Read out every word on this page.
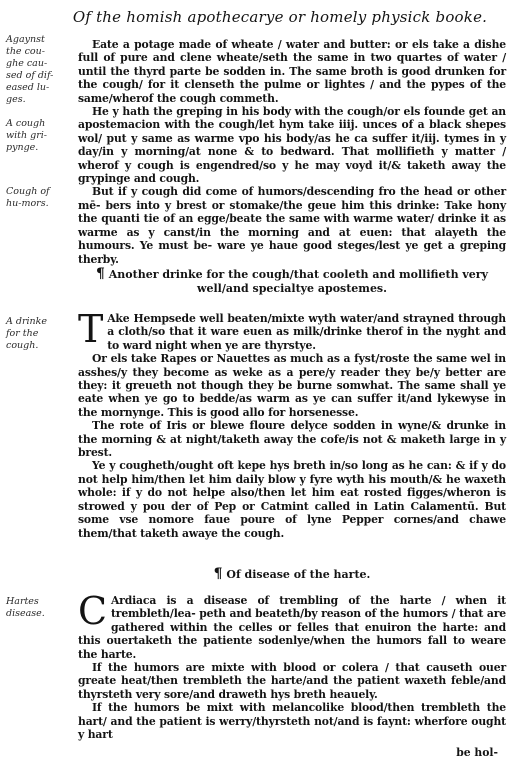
Of the homish apothecarye or homely physick booke.
Agaynst the cou-ghe cau-sed of dif-eased lu-ges.
A cough with gri-pynge.
Cough of hu-mors.
A drinke for the cough.
Hartes disease.

Eate a potage made of wheate / water and butter: or els take a dishe full of pure and clene wheate/seth the same in two quartes of water / until the thyrd parte be sodden in. The same broth is good drunken for the cough/ for it clenseth the pulme or lightes / and the pypes of the same/wherof the cough commeth.

He y hath the greping in his body with the cough/or els founde get an apostemacion with the cough/let hym take iiij. unces of a black shepes wol/ put y same as warme vpo his body/as he ca suffer it/iij. tymes in y day/in y morning/at none & to bedward. That mollifieth y matter / wherof y cough is engendred/so y he may voyd it/& taketh away the grypinge and cough.

But if y cough did come of humors/descending fro the head or other mē- bers into y brest or stomake/the geue him this drinke: Take hony the quanti tie of an egge/beate the same with warme water/ drinke it as warme as y canst/in the morning and at euen: that alayeth the humours. Ye must be- ware ye haue good steges/lest ye get a greping therby.

¶ Another drinke for the cough/that cooleth and mollifieth very well/and specialtye apostemes.

T Ake Hempsede well beaten/mixte wyth water/and strayned through a cloth/so that it ware euen as milk/drinke therof in the nyght and to ward night when ye are thyrstye.

Or els take Rapes or Nauettes as much as a fyst/roste the same wel in asshes/y they become as weke as a pere/y reader they be/y better are they: it greueth not though they be burne somwhat. The same shall ye eate when ye go to bedde/as warm as ye can suffer it/and lykewyse in the mornynge. This is good allo for horsenesse.

The rote of Iris or blewe floure delyce sodden in wyne/& drunke in the morning & at night/taketh away the cofe/is not & maketh large in y brest.

Ye y cougheth/ought oft kepe hys breth in/so long as he can: & if y do not help him/then let him daily blow y fyre wyth his mouth/& he waxeth whole: if y do not helpe also/then let him eat rosted figges/wheron is strowed y pou der of Pep or Catmint called in Latin Calamentū. But some vse nomore faue poure of lyne Pepper cornes/and chawe them/that taketh awaye the cough.

¶ Of disease of the harte.

C Ardiaca is a disease of trembling of the harte / when it trembleth/lea- peth and beateth/by reason of the humors / that are gathered within the celles or felles that enuiron the harte: and this ouertaketh the patiente sodenlye/when the humors fall to weare the harte.

If the humors are mixte with blood or colera / that causeth ouer greate heat/then trembleth the harte/and the patient waxeth feble/and thyrsteth very sore/and draweth hys breth heauely.

If the humors be mixt with melancolike blood/then trembleth the hart/ and the patient is werry/thyrsteth not/and is faynt: wherfore ought y hart

be hol-
